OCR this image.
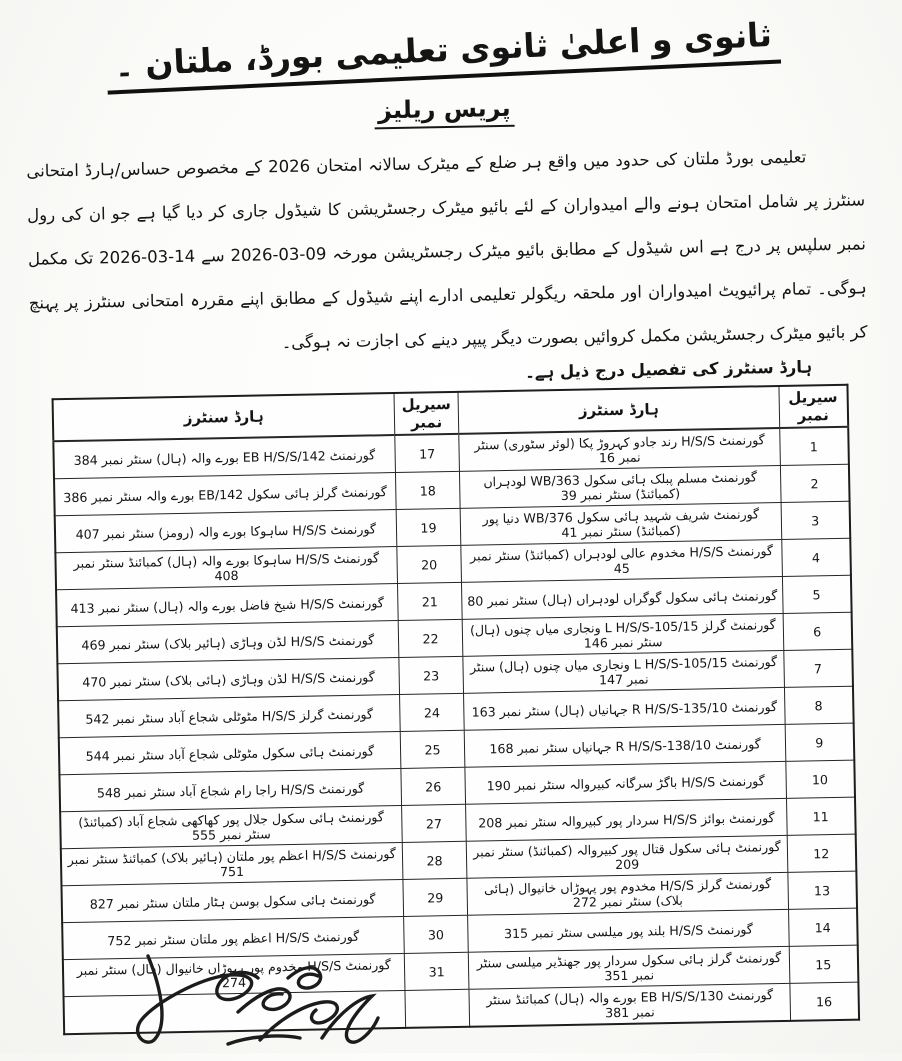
ثانوی و اعلیٰ ثانوی تعلیمی بورڈ، ملتان ۔
پریس ریلیز
تعلیمی بورڈ ملتان کی حدود میں واقع ہر ضلع کے میٹرک سالانہ امتحان 2026 کے مخصوص حساس/ہارڈ امتحانی سنٹرز پر شامل امتحان ہونے والے امیدواران کے لئے بائیو میٹرک رجسٹریشن کا شیڈول جاری کر دیا گیا ہے جو ان کی رول نمبر سلپس پر درج ہے اس شیڈول کے مطابق بائیو میٹرک رجسٹریشن مورخہ 09-03-2026 سے 14-03-2026 تک مکمل ہوگی۔ تمام پرائیویٹ امیدواران اور ملحقہ ریگولر تعلیمی ادارے اپنے شیڈول کے مطابق اپنے مقررہ امتحانی سنٹرز پر پہنچ کر بائیو میٹرک رجسٹریشن مکمل کروائیں بصورت دیگر پیپر دینے کی اجازت نہ ہوگی۔
ہارڈ سنٹرز کی تفصیل درج ذیل ہے۔
سیریل نمبر	ہارڈ سنٹرز	سیریل نمبر	ہارڈ سنٹرز
1	گورنمنٹ H/S/S رند جادو کہروڑ پکا (لوئر سٹوری) سنٹر نمبر 16	17	گورنمنٹ 142/EB H/S/S بورے والہ (ہال) سنٹر نمبر 384
2	گورنمنٹ مسلم پبلک ہائی سکول 363/WB لودہراں (کمبائنڈ) سنٹر نمبر 39	18	گورنمنٹ گرلز ہائی سکول 142/EB بورے والہ سنٹر نمبر 386
3	گورنمنٹ شریف شہید ہائی سکول 376/WB دنیا پور (کمبائنڈ) سنٹر نمبر 41	19	گورنمنٹ H/S/S ساہوکا بورے والہ (رومز) سنٹر نمبر 407
4	گورنمنٹ H/S/S مخدوم عالی لودہراں (کمبائنڈ) سنٹر نمبر 45	20	گورنمنٹ H/S/S ساہوکا بورے والہ (ہال) کمبائنڈ سنٹر نمبر 408
5	گورنمنٹ ہائی سکول گوگراں لودہراں (ہال) سنٹر نمبر 80	21	گورنمنٹ H/S/S شیخ فاضل بورے والہ (ہال) سنٹر نمبر 413
6	گورنمنٹ گرلز 105/15-L H/S/S ونجاری میاں چنوں (ہال) سنٹر نمبر 146	22	گورنمنٹ H/S/S لڈن وہاڑی (ہائیر بلاک) سنٹر نمبر 469
7	گورنمنٹ 105/15-L H/S/S ونجاری میاں چنوں (ہال) سنٹر نمبر 147	23	گورنمنٹ H/S/S لڈن وہاڑی (ہائی بلاک) سنٹر نمبر 470
8	گورنمنٹ 135/10-R H/S/S جہانیاں (ہال) سنٹر نمبر 163	24	گورنمنٹ گرلز H/S/S مٹوٹلی شجاع آباد سنٹر نمبر 542
9	گورنمنٹ 138/10-R H/S/S جہانیاں سنٹر نمبر 168	25	گورنمنٹ ہائی سکول مٹوٹلی شجاع آباد سنٹر نمبر 544
10	گورنمنٹ H/S/S باگڑ سرگانہ کبیروالہ سنٹر نمبر 190	26	گورنمنٹ H/S/S راجا رام شجاع آباد سنٹر نمبر 548
11	گورنمنٹ بوائز H/S/S سردار پور کبیروالہ سنٹر نمبر 208	27	گورنمنٹ ہائی سکول جلال پور کھاکھی شجاع آباد (کمبائنڈ) سنٹر نمبر 555
12	گورنمنٹ ہائی سکول قتال پور کبیروالہ (کمبائنڈ) سنٹر نمبر 209	28	گورنمنٹ H/S/S اعظم پور ملتان (ہائیر بلاک) کمبائنڈ سنٹر نمبر 751
13	گورنمنٹ گرلز H/S/S مخدوم پور پہوڑاں خانیوال (ہائی بلاک) سنٹر نمبر 272	29	گورنمنٹ ہائی سکول بوسن ہٹار ملتان سنٹر نمبر 827
14	گورنمنٹ H/S/S بلند پور میلسی سنٹر نمبر 315	30	گورنمنٹ H/S/S اعظم پور ملتان سنٹر نمبر 752
15	گورنمنٹ گرلز ہائی سکول سردار پور جھنڈیر میلسی سنٹر نمبر 351	31	گورنمنٹ H/S/S مخدوم پور پہوڑاں خانیوال (ہال) سنٹر نمبر 274
16	گورنمنٹ 130/EB H/S/S بورے والہ (ہال) کمبائنڈ سنٹر نمبر 381		
